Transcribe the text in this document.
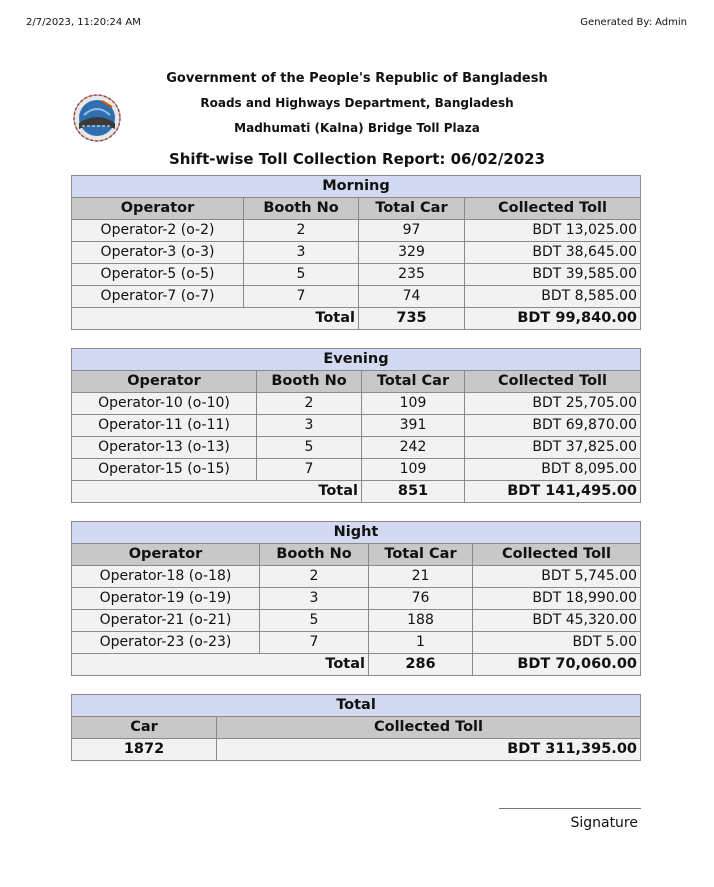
2/7/2023, 11:20:24 AM	Generated By: Admin
Government of the People's Republic of Bangladesh
Roads and Highways Department, Bangladesh
Madhumati (Kalna) Bridge Toll Plaza
Shift-wise Toll Collection Report: 06/02/2023
Morning			
Operator	Booth No	Total Car	Collected Toll
Operator-2 (o-2)	2	97	BDT 13,025.00
Operator-3 (o-3)	3	329	BDT 38,645.00
Operator-5 (o-5)	5	235	BDT 39,585.00
Operator-7 (o-7)	7	74	BDT 8,585.00
Total		735	BDT 99,840.00
Evening			
Operator	Booth No	Total Car	Collected Toll
Operator-10 (o-10)	2	109	BDT 25,705.00
Operator-11 (o-11)	3	391	BDT 69,870.00
Operator-13 (o-13)	5	242	BDT 37,825.00
Operator-15 (o-15)	7	109	BDT 8,095.00
Total		851	BDT 141,495.00
Night			
Operator	Booth No	Total Car	Collected Toll
Operator-18 (o-18)	2	21	BDT 5,745.00
Operator-19 (o-19)	3	76	BDT 18,990.00
Operator-21 (o-21)	5	188	BDT 45,320.00
Operator-23 (o-23)	7	1	BDT 5.00
Total		286	BDT 70,060.00
Total	
Car	Collected Toll
1872	BDT 311,395.00
Signature
